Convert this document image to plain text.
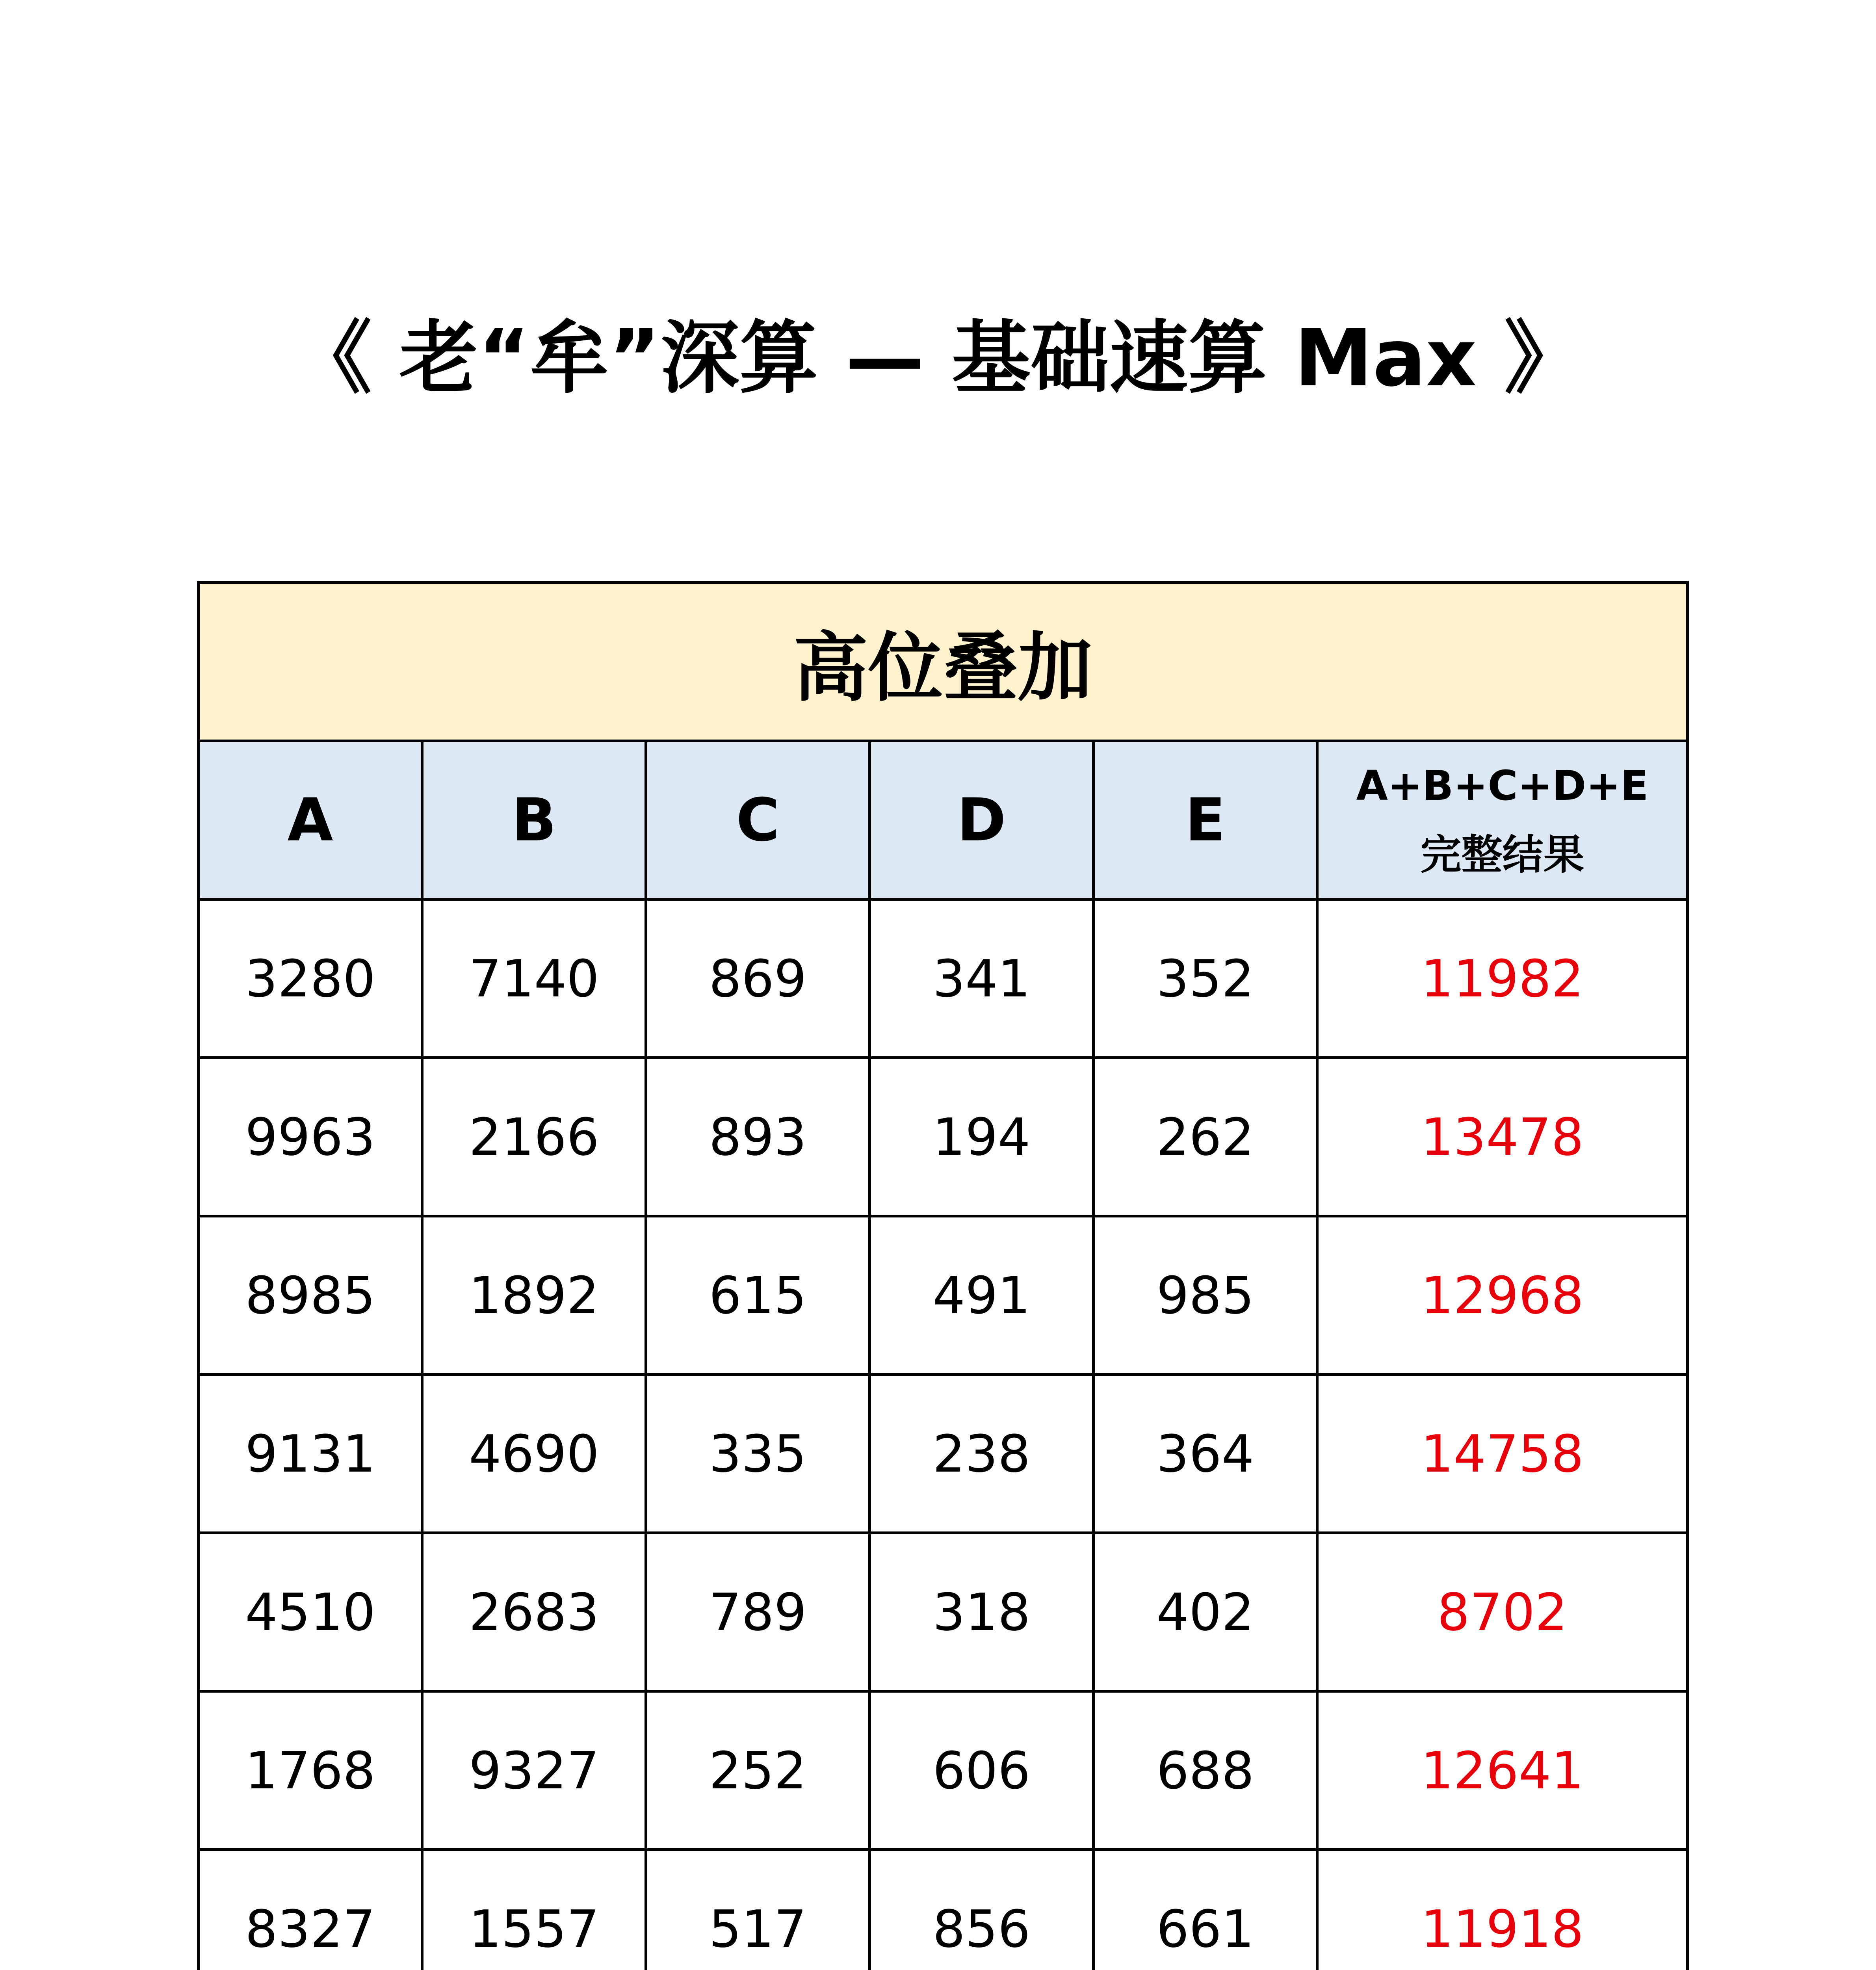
《 老“牟”深算 — 基础速算 Max 》
高位叠加					
A	B	C	D	E	A+B+C+D+E
完整结果

3280	7140	869	341	352	11982
9963	2166	893	194	262	13478
8985	1892	615	491	985	12968
9131	4690	335	238	364	14758
4510	2683	789	318	402	8702
1768	9327	252	606	688	12641
8327	1557	517	856	661	11918
